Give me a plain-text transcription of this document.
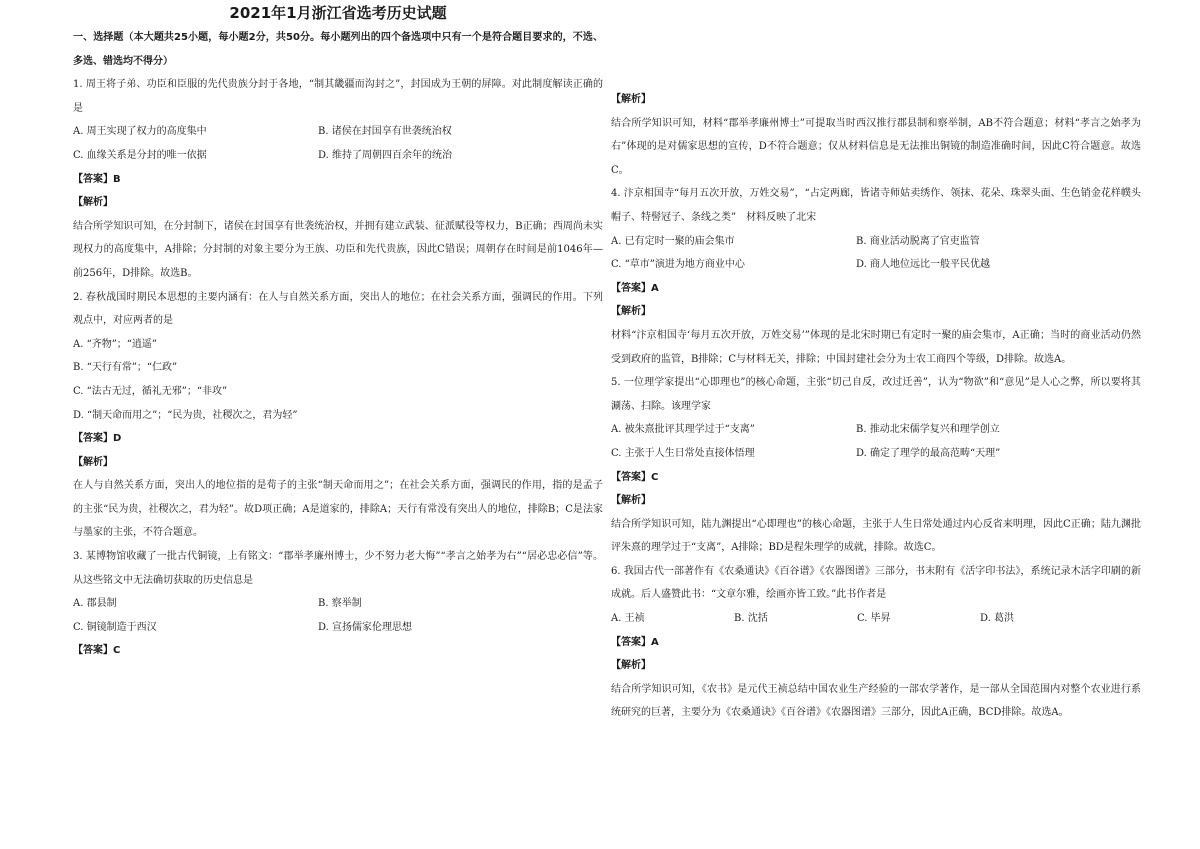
2021年1月浙江省选考历史试题

一、选择题（本大题共25小题，每小题2分，共50分。每小题列出的四个备选项中只有一个是符合题目要求的，不选、多选、错选均不得分）

1. 周王将子弟、功臣和臣服的先代贵族分封于各地，“制其畿疆而沟封之”，封国成为王朝的屏障。对此制度解读正确的是

A. 周王实现了权力的高度集中	B. 诸侯在封国享有世袭统治权
C. 血缘关系是分封的唯一依据	D. 维持了周朝四百余年的统治

【答案】B

【解析】

结合所学知识可知，在分封制下，诸侯在封国享有世袭统治权，并拥有建立武装、征派赋役等权力，B正确；西周尚未实现权力的高度集中，A排除；分封制的对象主要分为王族、功臣和先代贵族，因此C错误；周朝存在时间是前1046年—前256年，D排除。故选B。

2. 春秋战国时期民本思想的主要内涵有：在人与自然关系方面，突出人的地位；在社会关系方面，强调民的作用。下列观点中，对应两者的是

A. “齐物”；“逍遥”

B. “天行有常”；“仁政”

C. “法古无过，循礼无邪”；“非攻”

D. “制天命而用之”；“民为贵，社稷次之，君为轻”

【答案】D

【解析】

在人与自然关系方面，突出人的地位指的是荀子的主张“制天命而用之”；在社会关系方面，强调民的作用，指的是孟子的主张“民为贵，社稷次之，君为轻”。故D项正确；A是道家的，排除A；天行有常没有突出人的地位，排除B；C是法家与墨家的主张，不符合题意。

3. 某博物馆收藏了一批古代铜镜，上有铭文：“郡举孝廉州博士，少不努力老大悔”“孝言之始孝为右”“居必忠必信”等。从这些铭文中无法确切获取的历史信息是

A. 郡县制	B. 察举制
C. 铜镜制造于西汉	D. 宣扬儒家伦理思想

【答案】C

【解析】

结合所学知识可知，材料“郡举孝廉州博士”可提取当时西汉推行郡县制和察举制，AB不符合题意；材料“孝言之始孝为右”体现的是对儒家思想的宣传，D不符合题意；仅从材料信息是无法推出铜镜的制造准确时间，因此C符合题意。故选C。

4. 汴京相国寺“每月五次开放，万姓交易”，“占定两廊，皆诸寺师姑卖绣作、领抹、花朵、珠翠头面、生色销金花样幞头帽子、特髻冠子、条线之类”　材料反映了北宋

A. 已有定时一聚的庙会集市	B. 商业活动脱离了官吏监管
C. “草市”演进为地方商业中心	D. 商人地位远比一般平民优越

【答案】A

【解析】

材料“汴京相国寺‘每月五次开放，万姓交易’”体现的是北宋时期已有定时一聚的庙会集市，A正确；当时的商业活动仍然受到政府的监管，B排除；C与材料无关，排除；中国封建社会分为士农工商四个等级，D排除。故选A。

5. 一位理学家提出“心即理也”的核心命题，主张“切己自反，改过迁善”，认为“物欲”和“意见”是人心之弊，所以要将其涮荡、扫除。该理学家

A. 被朱熹批评其理学过于“支离”	B. 推动北宋儒学复兴和理学创立
C. 主张于人生日常处直接体悟理	D. 确定了理学的最高范畴“天理”

【答案】C

【解析】

结合所学知识可知，陆九渊提出“心即理也”的核心命题，主张于人生日常处通过内心反省来明理，因此C正确；陆九渊批评朱熹的理学过于“支离”，A排除；BD是程朱理学的成就，排除。故选C。

6. 我国古代一部著作有《农桑通诀》《百谷谱》《农器图谱》三部分，书末附有《活字印书法》，系统记录木活字印刷的新成就。后人盛赞此书：“文章尔雅，绘画亦皆工致。”此书作者是

A. 王祯	B. 沈括	C. 毕昇	D. 葛洪

【答案】A

【解析】

结合所学知识可知，《农书》是元代王祯总结中国农业生产经验的一部农学著作，是一部从全国范围内对整个农业进行系统研究的巨著，主要分为《农桑通诀》《百谷谱》《农器图谱》三部分，因此A正确，BCD排除。故选A。
